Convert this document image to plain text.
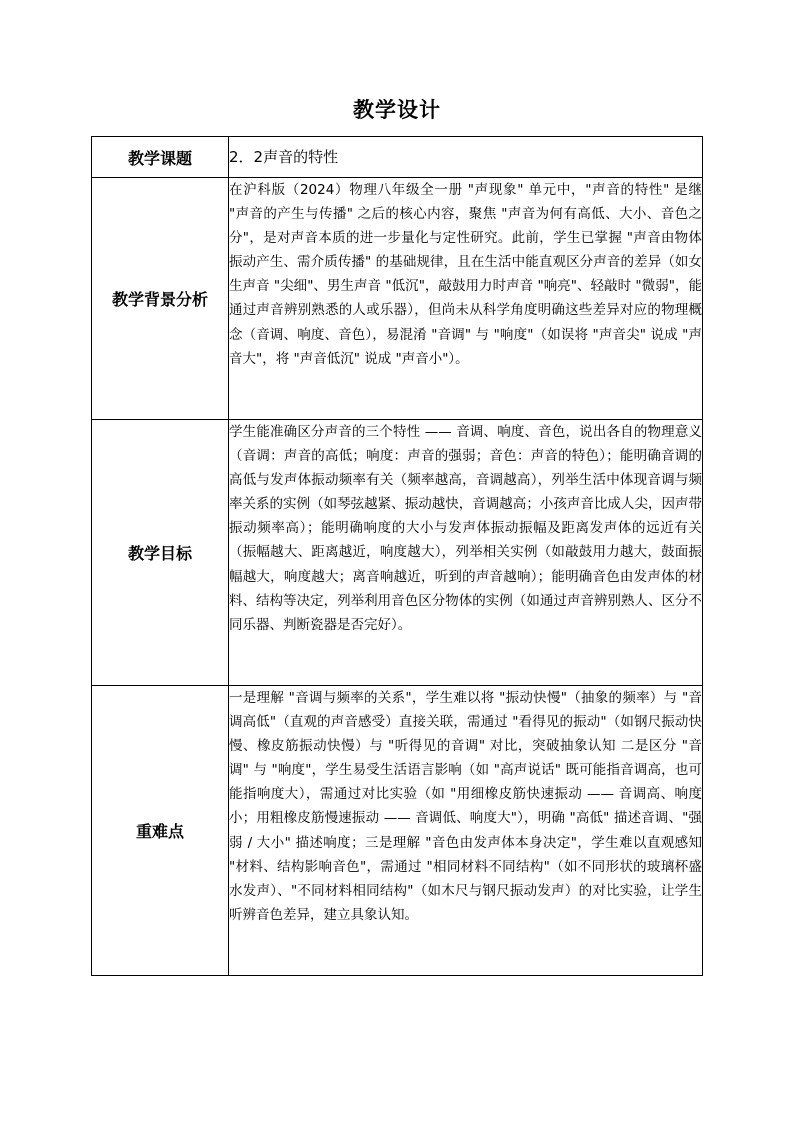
教学设计
教学课题	2．2声音的特性
教学背景分析	在沪科版（2024）物理八年级全一册 "声现象" 单元中，"声音的特性" 是继 "声音的产生与传播" 之后的核心内容，聚焦 "声音为何有高低、大小、音色之分"，是对声音本质的进一步量化与定性研究。此前，学生已掌握 "声音由物体振动产生、需介质传播" 的基础规律，且在生活中能直观区分声音的差异（如女生声音 "尖细"、男生声音 "低沉"，敲鼓用力时声音 "响亮"、轻敲时 "微弱"，能通过声音辨别熟悉的人或乐器），但尚未从科学角度明确这些差异对应的物理概念（音调、响度、音色），易混淆 "音调" 与 "响度"（如误将 "声音尖" 说成 "声音大"，将 "声音低沉" 说成 "声音小"）。
教学目标	学生能准确区分声音的三个特性 —— 音调、响度、音色，说出各自的物理意义（音调：声音的高低；响度：声音的强弱；音色：声音的特色）；能明确音调的高低与发声体振动频率有关（频率越高，音调越高），列举生活中体现音调与频率关系的实例（如琴弦越紧、振动越快，音调越高；小孩声音比成人尖，因声带振动频率高）；能明确响度的大小与发声体振动振幅及距离发声体的远近有关（振幅越大、距离越近，响度越大），列举相关实例（如敲鼓用力越大，鼓面振幅越大，响度越大；离音响越近，听到的声音越响）；能明确音色由发声体的材料、结构等决定，列举利用音色区分物体的实例（如通过声音辨别熟人、区分不同乐器、判断瓷器是否完好）。
重难点	一是理解 "音调与频率的关系"，学生难以将 "振动快慢"（抽象的频率）与 "音调高低"（直观的声音感受）直接关联，需通过 "看得见的振动"（如钢尺振动快慢、橡皮筋振动快慢）与 "听得见的音调" 对比，突破抽象认知 二是区分 "音调" 与 "响度"，学生易受生活语言影响（如 "高声说话" 既可能指音调高，也可能指响度大），需通过对比实验（如 "用细橡皮筋快速振动 —— 音调高、响度小；用粗橡皮筋慢速振动 —— 音调低、响度大"），明确 "高低" 描述音调、"强弱 / 大小" 描述响度；三是理解 "音色由发声体本身决定"，学生难以直观感知 "材料、结构影响音色"，需通过 "相同材料不同结构"（如不同形状的玻璃杯盛水发声）、"不同材料相同结构"（如木尺与钢尺振动发声）的对比实验，让学生听辨音色差异，建立具象认知。
